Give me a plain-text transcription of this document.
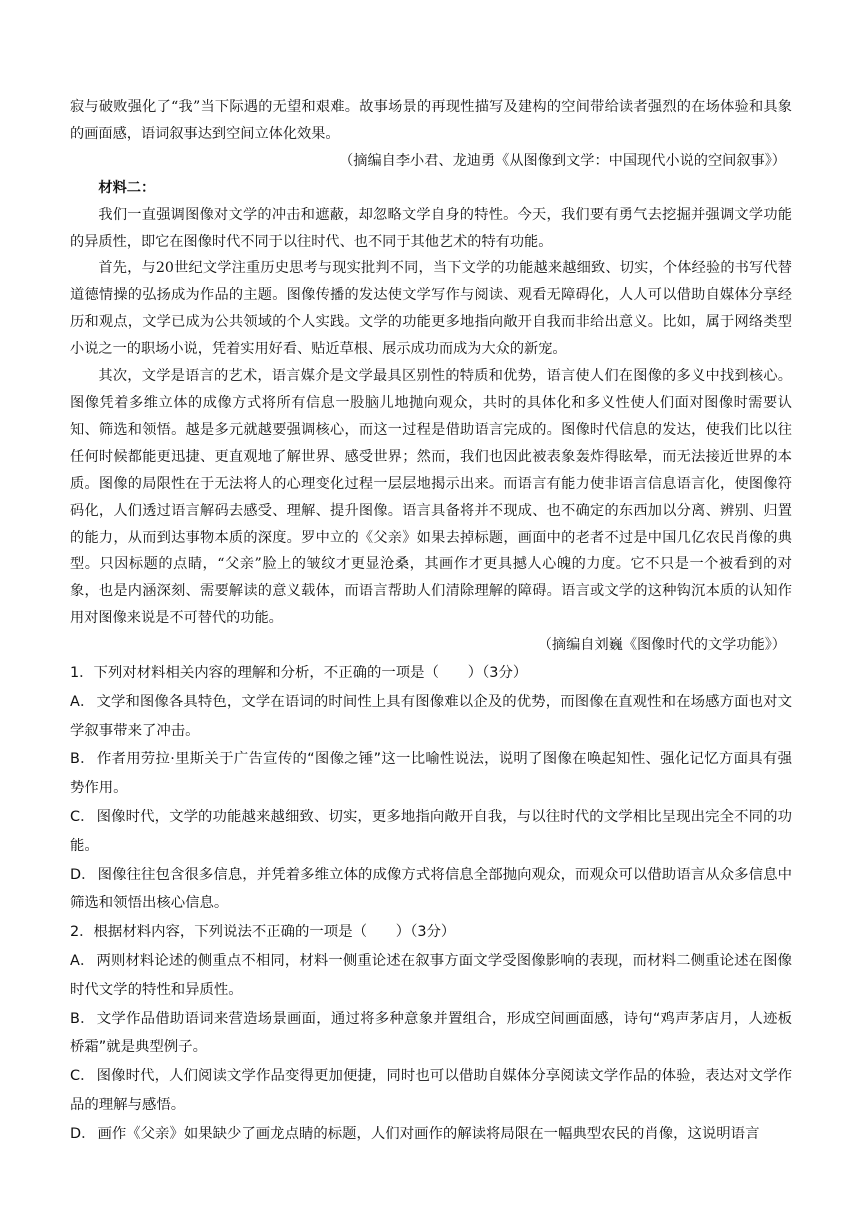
寂与破败强化了“我”当下际遇的无望和艰难。故事场景的再现性描写及建构的空间带给读者强烈的在场体验和具象的画面感，语词叙事达到空间立体化效果。

（摘编自李小君、龙迪勇《从图像到文学：中国现代小说的空间叙事》）

材料二：

我们一直强调图像对文学的冲击和遮蔽，却忽略文学自身的特性。今天，我们要有勇气去挖掘并强调文学功能的异质性，即它在图像时代不同于以往时代、也不同于其他艺术的特有功能。

首先，与20世纪文学注重历史思考与现实批判不同，当下文学的功能越来越细致、切实，个体经验的书写代替道德情操的弘扬成为作品的主题。图像传播的发达使文学写作与阅读、观看无障碍化，人人可以借助自媒体分享经历和观点，文学已成为公共领域的个人实践。文学的功能更多地指向敞开自我而非给出意义。比如，属于网络类型小说之一的职场小说，凭着实用好看、贴近草根、展示成功而成为大众的新宠。

其次，文学是语言的艺术，语言媒介是文学最具区别性的特质和优势，语言使人们在图像的多义中找到核心。图像凭着多维立体的成像方式将所有信息一股脑儿地抛向观众，共时的具体化和多义性使人们面对图像时需要认知、筛选和领悟。越是多元就越要强调核心，而这一过程是借助语言完成的。图像时代信息的发达，使我们比以往任何时候都能更迅捷、更直观地了解世界、感受世界；然而，我们也因此被表象轰炸得眩晕，而无法接近世界的本质。图像的局限性在于无法将人的心理变化过程一层层地揭示出来。而语言有能力使非语言信息语言化，使图像符码化，人们透过语言解码去感受、理解、提升图像。语言具备将并不现成、也不确定的东西加以分离、辨别、归置的能力，从而到达事物本质的深度。罗中立的《父亲》如果去掉标题，画面中的老者不过是中国几亿农民肖像的典型。只因标题的点睛，“父亲”脸上的皱纹才更显沧桑，其画作才更具撼人心魄的力度。它不只是一个被看到的对象，也是内涵深刻、需要解读的意义载体，而语言帮助人们清除理解的障碍。语言或文学的这种钩沉本质的认知作用对图像来说是不可替代的功能。

（摘编自刘巍《图像时代的文学功能》）

1．下列对材料相关内容的理解和分析，不正确的一项是（　　）（3分）

A． 文学和图像各具特色，文学在语词的时间性上具有图像难以企及的优势，而图像在直观性和在场感方面也对文学叙事带来了冲击。

B． 作者用劳拉·里斯关于广告宣传的“图像之锤”这一比喻性说法，说明了图像在唤起知性、强化记忆方面具有强势作用。

C． 图像时代，文学的功能越来越细致、切实，更多地指向敞开自我，与以往时代的文学相比呈现出完全不同的功能。

D． 图像往往包含很多信息，并凭着多维立体的成像方式将信息全部抛向观众，而观众可以借助语言从众多信息中筛选和领悟出核心信息。

2．根据材料内容，下列说法不正确的一项是（　　）（3分）

A． 两则材料论述的侧重点不相同，材料一侧重论述在叙事方面文学受图像影响的表现，而材料二侧重论述在图像时代文学的特性和异质性。

B． 文学作品借助语词来营造场景画面，通过将多种意象并置组合，形成空间画面感，诗句“鸡声茅店月，人迹板桥霜”就是典型例子。

C． 图像时代，人们阅读文学作品变得更加便捷，同时也可以借助自媒体分享阅读文学作品的体验，表达对文学作品的理解与感悟。

D． 画作《父亲》如果缺少了画龙点睛的标题，人们对画作的解读将局限在一幅典型农民的肖像，这说明语言
